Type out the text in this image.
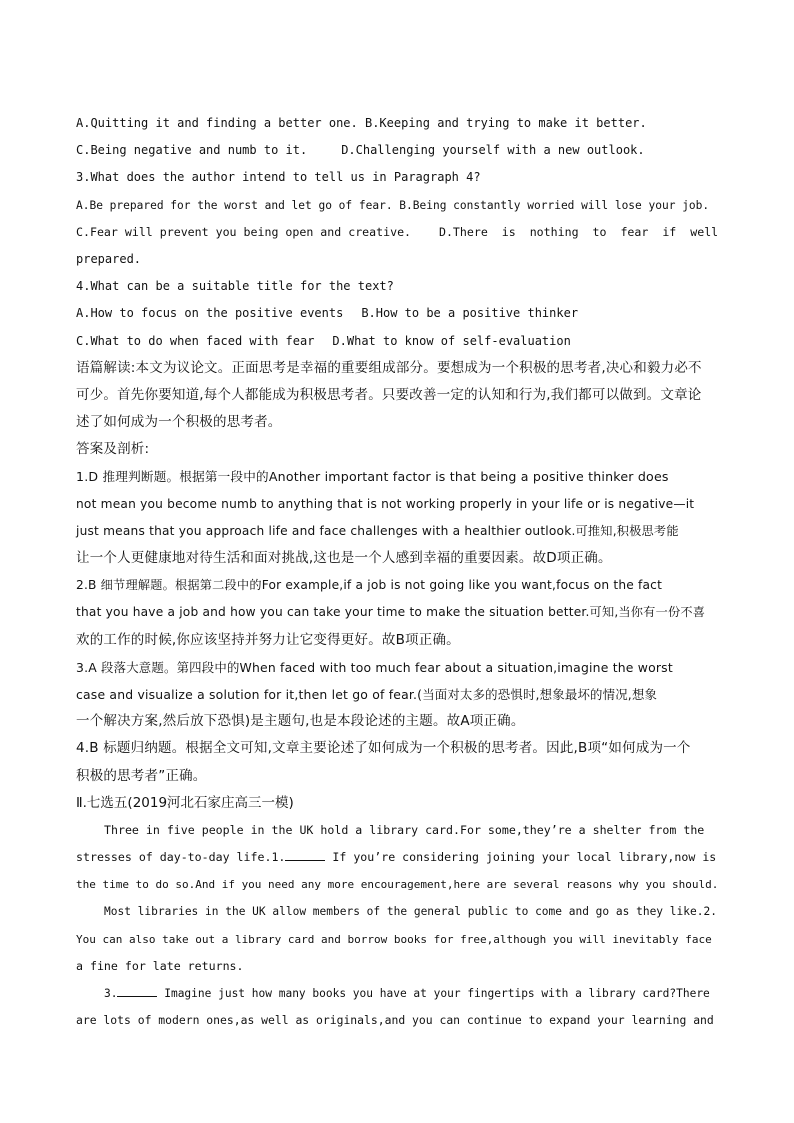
A.Quitting it and finding a better one. B.Keeping and trying to make it better.
C.Being negative and numb to it.	D.Challenging yourself with a new outlook.
3.What does the author intend to tell us in Paragraph 4?
A.Be prepared for the worst and let go of fear. B.Being constantly worried will lose your job.
C.Fear will prevent you being open and creative.    D.There  is  nothing  to  fear  if  well
prepared.
4.What can be a suitable title for the text?
A.How to focus on the positive events B.How to be a positive thinker
C.What to do when faced with fear D.What to know of self-evaluation
语篇解读:本文为议论文。正面思考是幸福的重要组成部分。要想成为一个积极的思考者,决心和毅力必不
可少。首先你要知道,每个人都能成为积极思考者。只要改善一定的认知和行为,我们都可以做到。文章论
述了如何成为一个积极的思考者。
答案及剖析:
1.D 推理判断题。根据第一段中的Another important factor is that being a positive thinker does
not mean you become numb to anything that is not working properly in your life or is negative—it
just means that you approach life and face challenges with a healthier outlook.可推知,积极思考能
让一个人更健康地对待生活和面对挑战,这也是一个人感到幸福的重要因素。故D项正确。
2.B 细节理解题。根据第二段中的For example,if a job is not going like you want,focus on the fact
that you have a job and how you can take your time to make the situation better.可知,当你有一份不喜
欢的工作的时候,你应该坚持并努力让它变得更好。故B项正确。
3.A 段落大意题。第四段中的When faced with too much fear about a situation,imagine the worst
case and visualize a solution for it,then let go of fear.(当面对太多的恐惧时,想象最坏的情况,想象
一个解决方案,然后放下恐惧)是主题句,也是本段论述的主题。故A项正确。
4.B 标题归纳题。根据全文可知,文章主要论述了如何成为一个积极的思考者。因此,B项“如何成为一个
积极的思考者”正确。
Ⅱ.七选五(2019河北石家庄高三一模)
Three in five people in the UK hold a library card.For some,they’re a shelter from the
stresses of day-to-day life.1.	If you’re considering joining your local library,now is
the time to do so.And if you need any more encouragement,here are several reasons why you should.
Most libraries in the UK allow members of the general public to come and go as they like.2.
You can also take out a library card and borrow books for free,although you will inevitably face
a fine for late returns.
3.	Imagine just how many books you have at your fingertips with a library card?There
are lots of modern ones,as well as originals,and you can continue to expand your learning and
